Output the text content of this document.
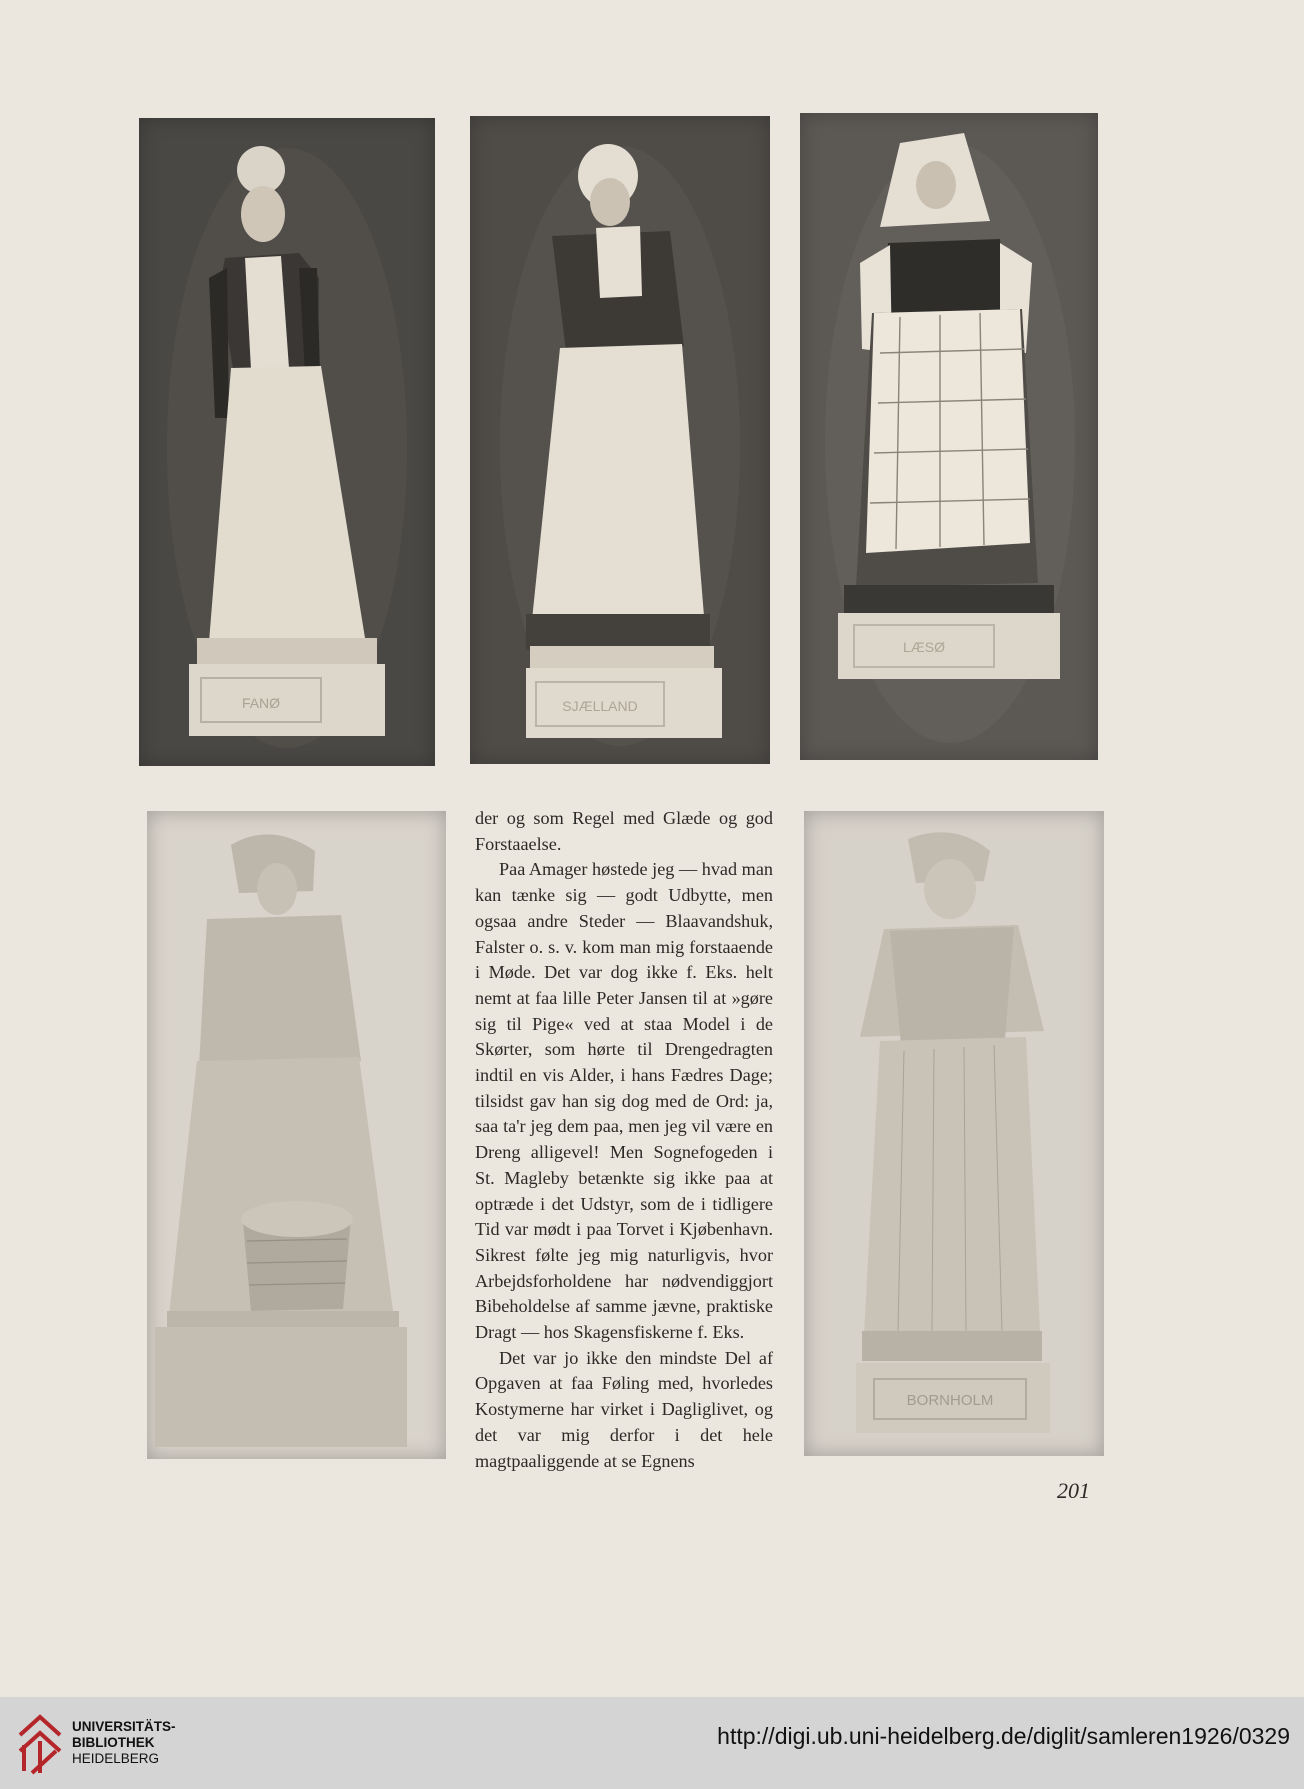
FANØ	SJÆLLAND
LÆSØ
BORNHOLM

der og som Regel med Glæde og god Forstaaelse.

Paa Amager høstede jeg — hvad man kan tænke sig — godt Udbytte, men ogsaa andre Steder — Blaavandshuk, Falster o. s. v. kom man mig forstaaende i Møde. Det var dog ikke f. Eks. helt nemt at faa lille Peter Jansen til at »gøre sig til Pige« ved at staa Model i de Skørter, som hørte til Drengedragten indtil en vis Alder, i hans Fædres Dage; tilsidst gav han sig dog med de Ord: ja, saa ta'r jeg dem paa, men jeg vil være en Dreng alligevel! Men Sognefogeden i St. Magleby betænkte sig ikke paa at optræde i det Udstyr, som de i tidligere Tid var mødt i paa Torvet i Kjøbenhavn. Sikrest følte jeg mig naturligvis, hvor Arbejdsforholdene har nødvendiggjort Bibeholdelse af samme jævne, praktiske Dragt — hos Skagensfiskerne f. Eks.

Det var jo ikke den mindste Del af Opgaven at faa Føling med, hvorledes Kostymerne har virket i Dagliglivet, og det var mig derfor i det hele magtpaaliggende at se Egnens

201
UNIVERSITÄTS-
BIBLIOTHEK
HEIDELBERG
http://digi.ub.uni-heidelberg.de/diglit/samleren1926/0329
